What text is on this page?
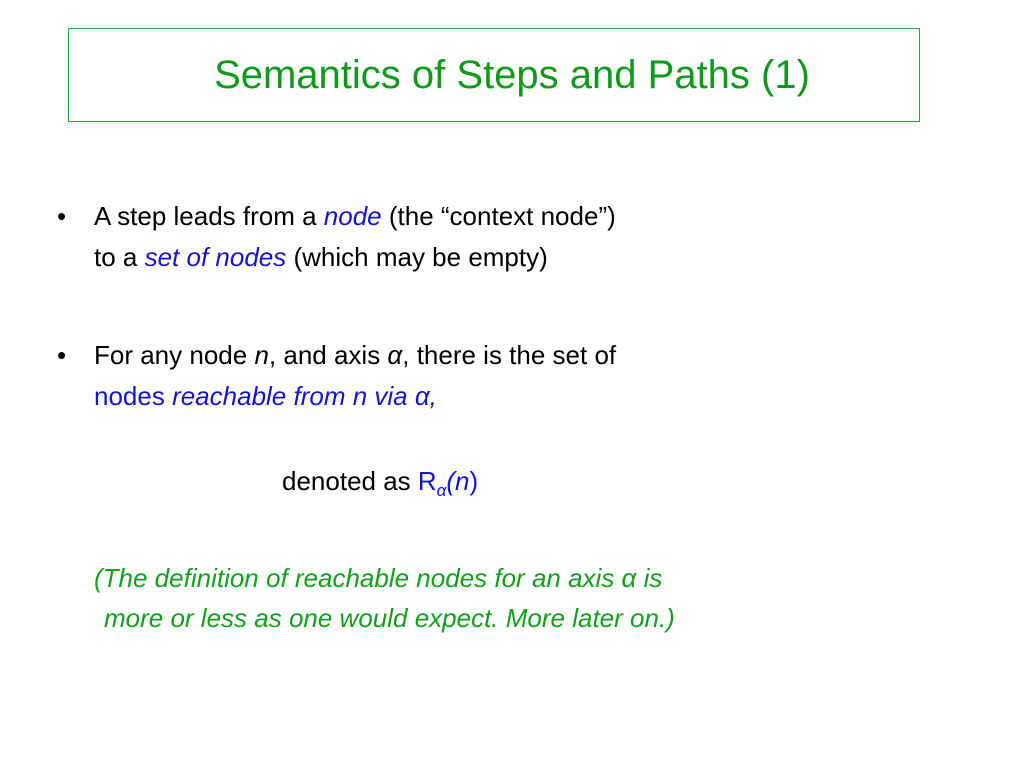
Semantics of Steps and Paths (1)
• A step leads from a node (the “context node”)
to a set of nodes (which may be empty)
• For any node n, and axis α, there is the set of
nodes reachable from n via α,
denoted as $R_\alpha(n)$
(The definition of reachable nodes for an axis α is
more or less as one would expect. More later on.)
